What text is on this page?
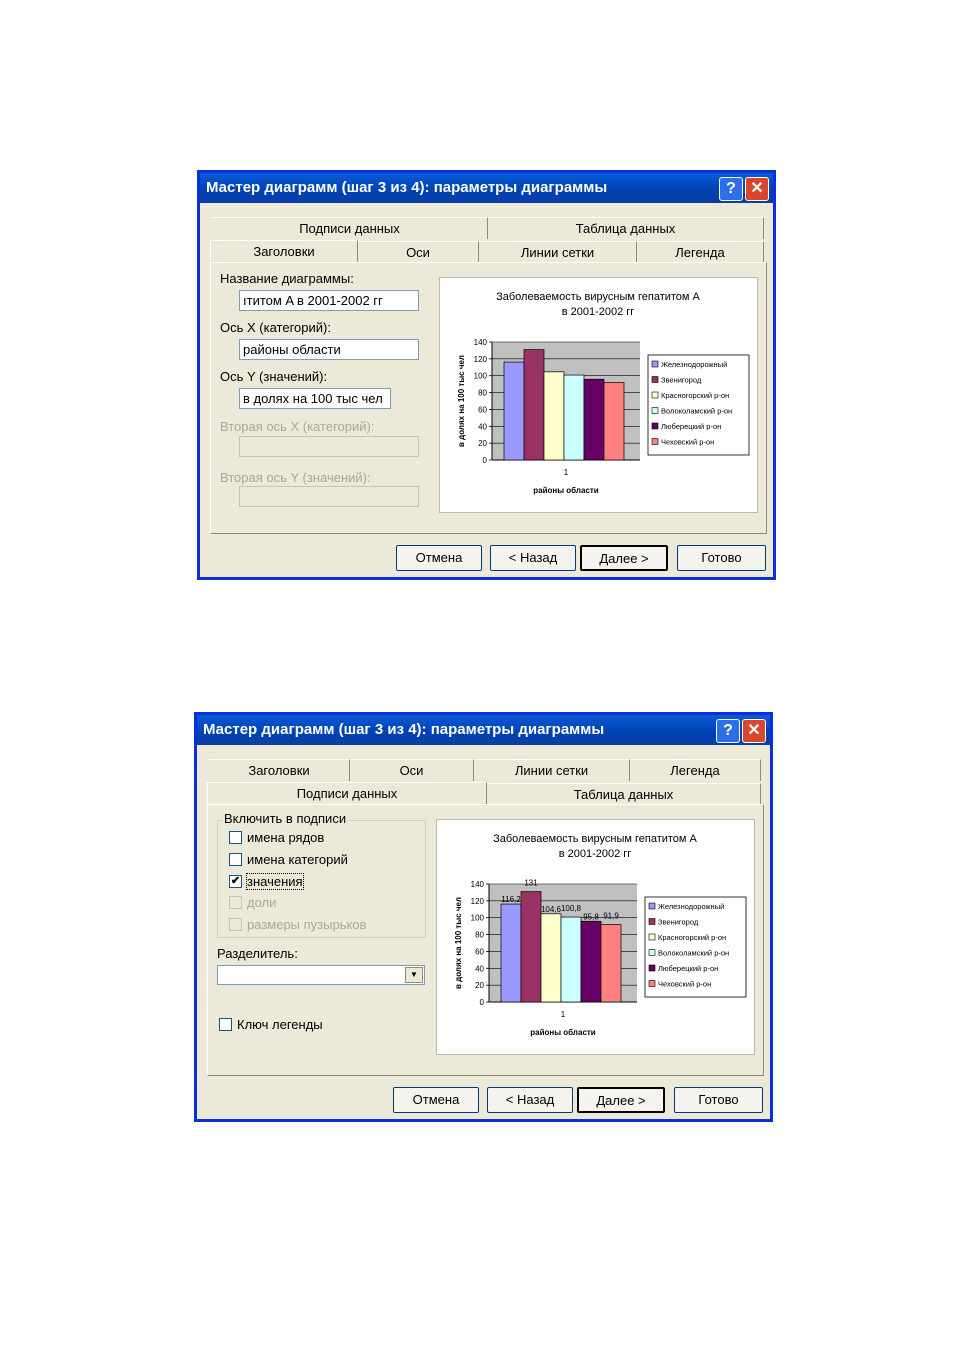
Мастер диаграмм (шаг 3 из 4): параметры диаграммы	? ✕
Подписи данных	Таблица данных
Заголовки	Оси	Линии сетки	Легенда
Название диаграммы:
ıтитом A в 2001-2002 гг
Ось X (категорий):
районы области
Ось Y (значений):
в долях на 100 тыс чел
Вторая ось X (категорий):
Вторая ось Y (значений):
Заболеваемость вирусным гепатитом A
в 2001-2002 гг
0
20
40
60
80
100
120
140
1
районы области
в долях на 100 тыс чел	Железнодорожный
Звенигород
Красногорский р-он
Волоколамский р-он
Люберецкий р-он
Чеховский р-он
Отмена	< Назад	Далее >	Готово
Мастер диаграмм (шаг 3 из 4): параметры диаграммы	? ✕
Заголовки	Оси	Линии сетки	Легенда
Подписи данных	Таблица данных
Включить в подписи
имена рядов
имена категорий
✔ значения
доли
размеры пузырьков
Разделитель:
▼
Ключ легенды
Заболеваемость вирусным гепатитом A
в 2001-2002 гг
0
20
40
60
80
100
120
140
116,2
131
104,6 100,8
95,8 91,9
1
районы области
в долях на 100 тыс чел	Железнодорожный
Звенигород
Красногорский р-он
Волоколамский р-он
Люберецкий р-он
Чеховский р-он
Отмена	< Назад	Далее >	Готово
